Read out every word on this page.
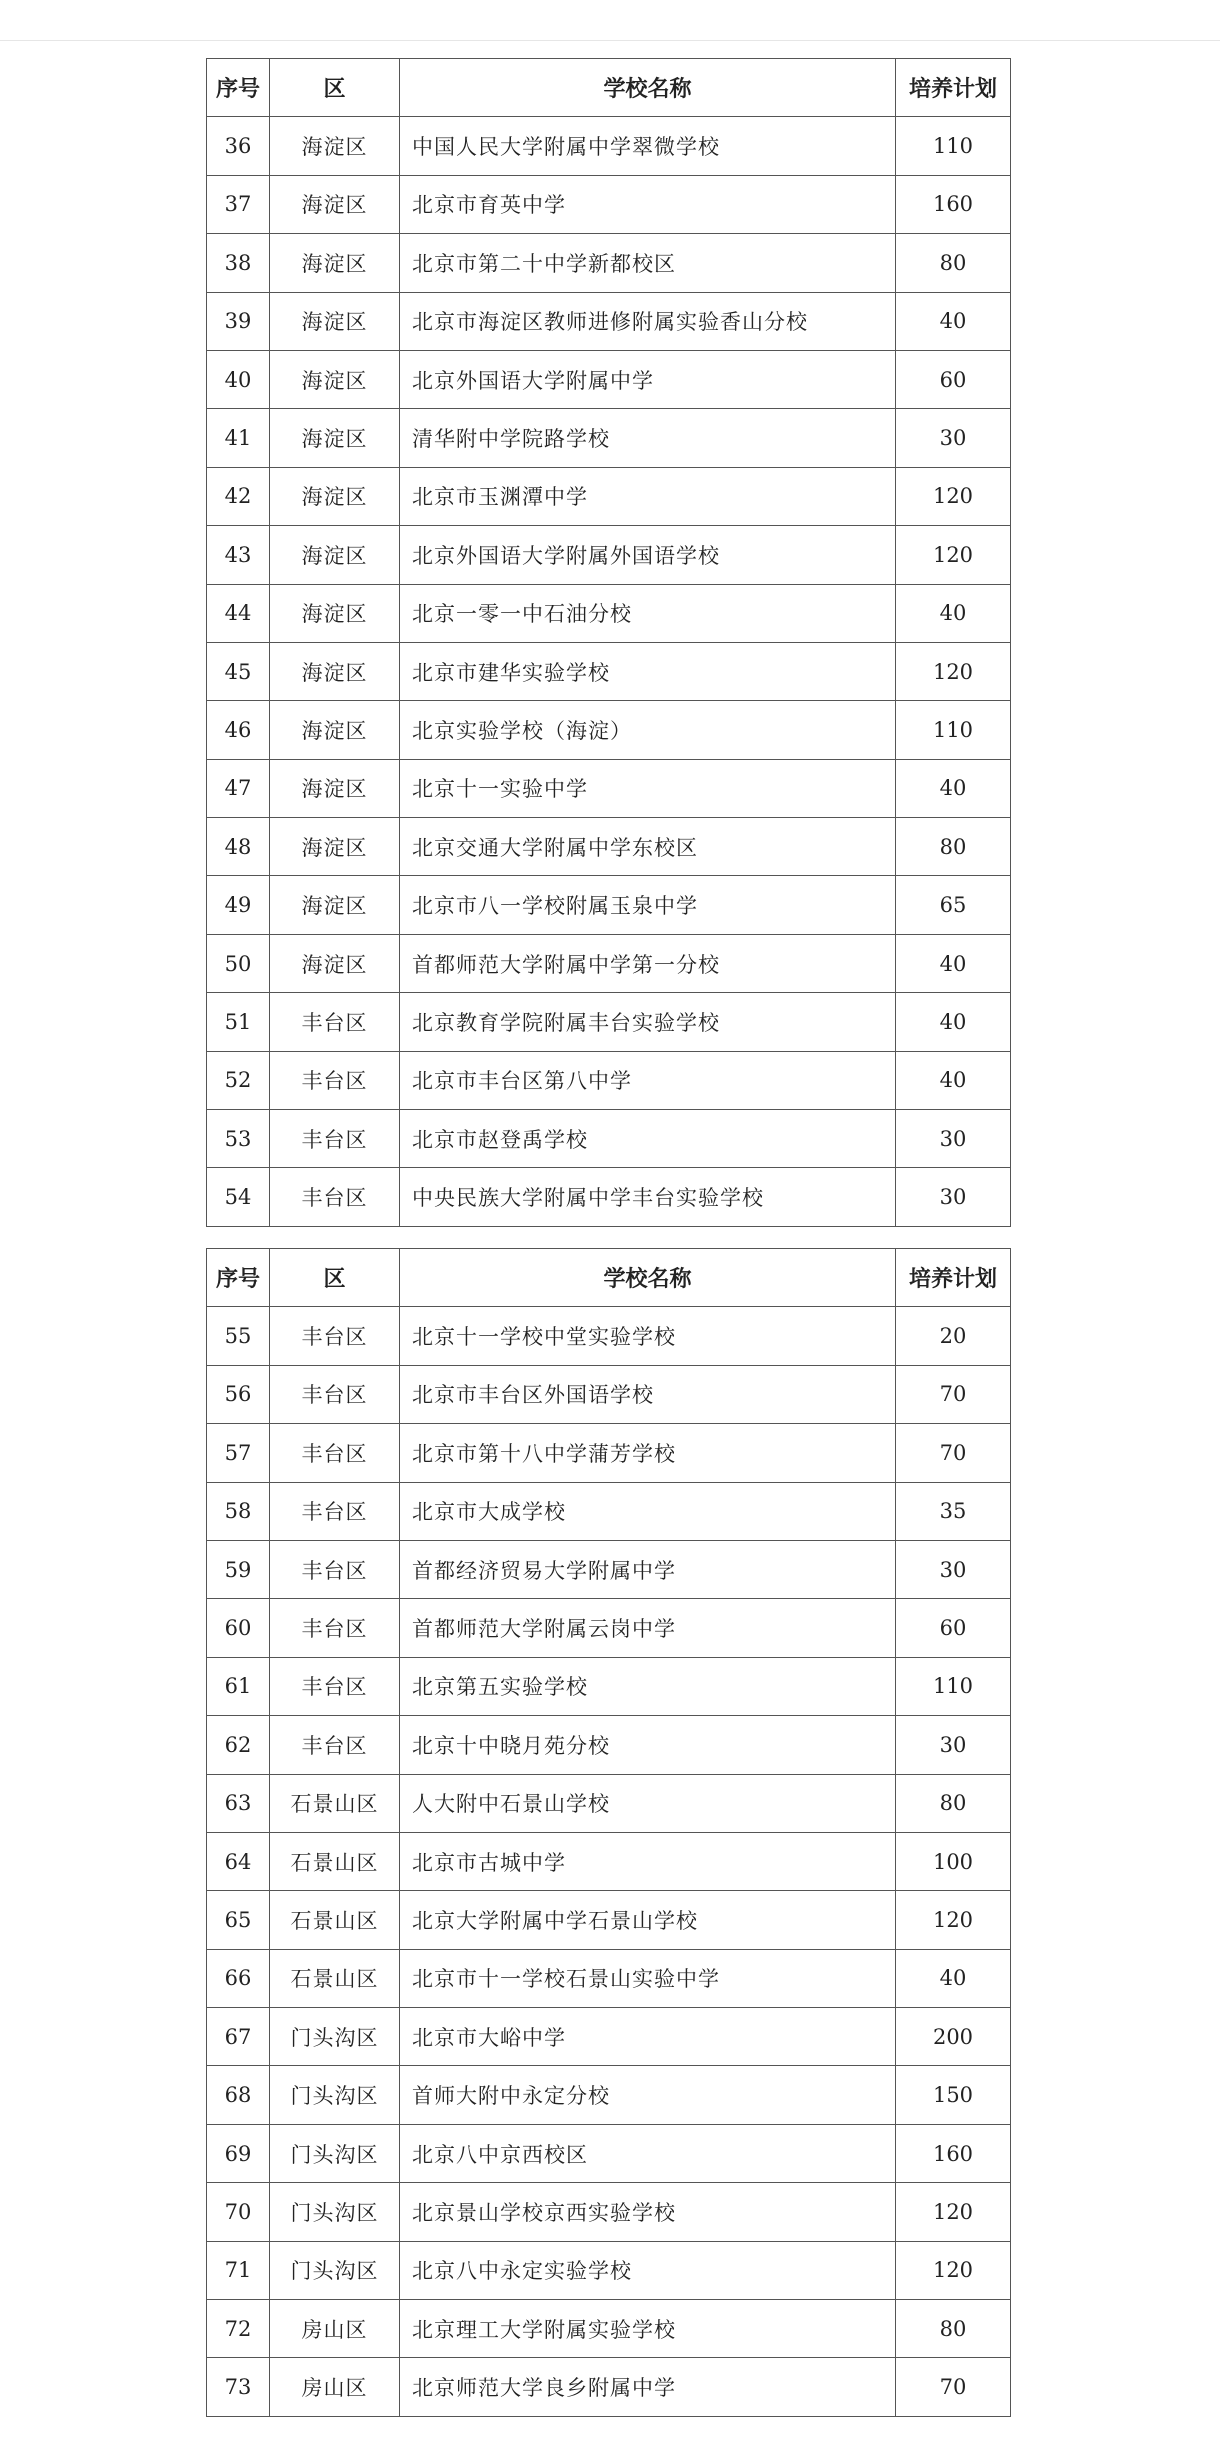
序号	区	学校名称	培养计划
36	海淀区	中国人民大学附属中学翠微学校	110
37	海淀区	北京市育英中学	160
38	海淀区	北京市第二十中学新都校区	80
39	海淀区	北京市海淀区教师进修附属实验香山分校	40
40	海淀区	北京外国语大学附属中学	60
41	海淀区	清华附中学院路学校	30
42	海淀区	北京市玉渊潭中学	120
43	海淀区	北京外国语大学附属外国语学校	120
44	海淀区	北京一零一中石油分校	40
45	海淀区	北京市建华实验学校	120
46	海淀区	北京实验学校（海淀）	110
47	海淀区	北京十一实验中学	40
48	海淀区	北京交通大学附属中学东校区	80
49	海淀区	北京市八一学校附属玉泉中学	65
50	海淀区	首都师范大学附属中学第一分校	40
51	丰台区	北京教育学院附属丰台实验学校	40
52	丰台区	北京市丰台区第八中学	40
53	丰台区	北京市赵登禹学校	30
54	丰台区	中央民族大学附属中学丰台实验学校	30
序号	区	学校名称	培养计划
55	丰台区	北京十一学校中堂实验学校	20
56	丰台区	北京市丰台区外国语学校	70
57	丰台区	北京市第十八中学蒲芳学校	70
58	丰台区	北京市大成学校	35
59	丰台区	首都经济贸易大学附属中学	30
60	丰台区	首都师范大学附属云岗中学	60
61	丰台区	北京第五实验学校	110
62	丰台区	北京十中晓月苑分校	30
63	石景山区	人大附中石景山学校	80
64	石景山区	北京市古城中学	100
65	石景山区	北京大学附属中学石景山学校	120
66	石景山区	北京市十一学校石景山实验中学	40
67	门头沟区	北京市大峪中学	200
68	门头沟区	首师大附中永定分校	150
69	门头沟区	北京八中京西校区	160
70	门头沟区	北京景山学校京西实验学校	120
71	门头沟区	北京八中永定实验学校	120
72	房山区	北京理工大学附属实验学校	80
73	房山区	北京师范大学良乡附属中学	70
